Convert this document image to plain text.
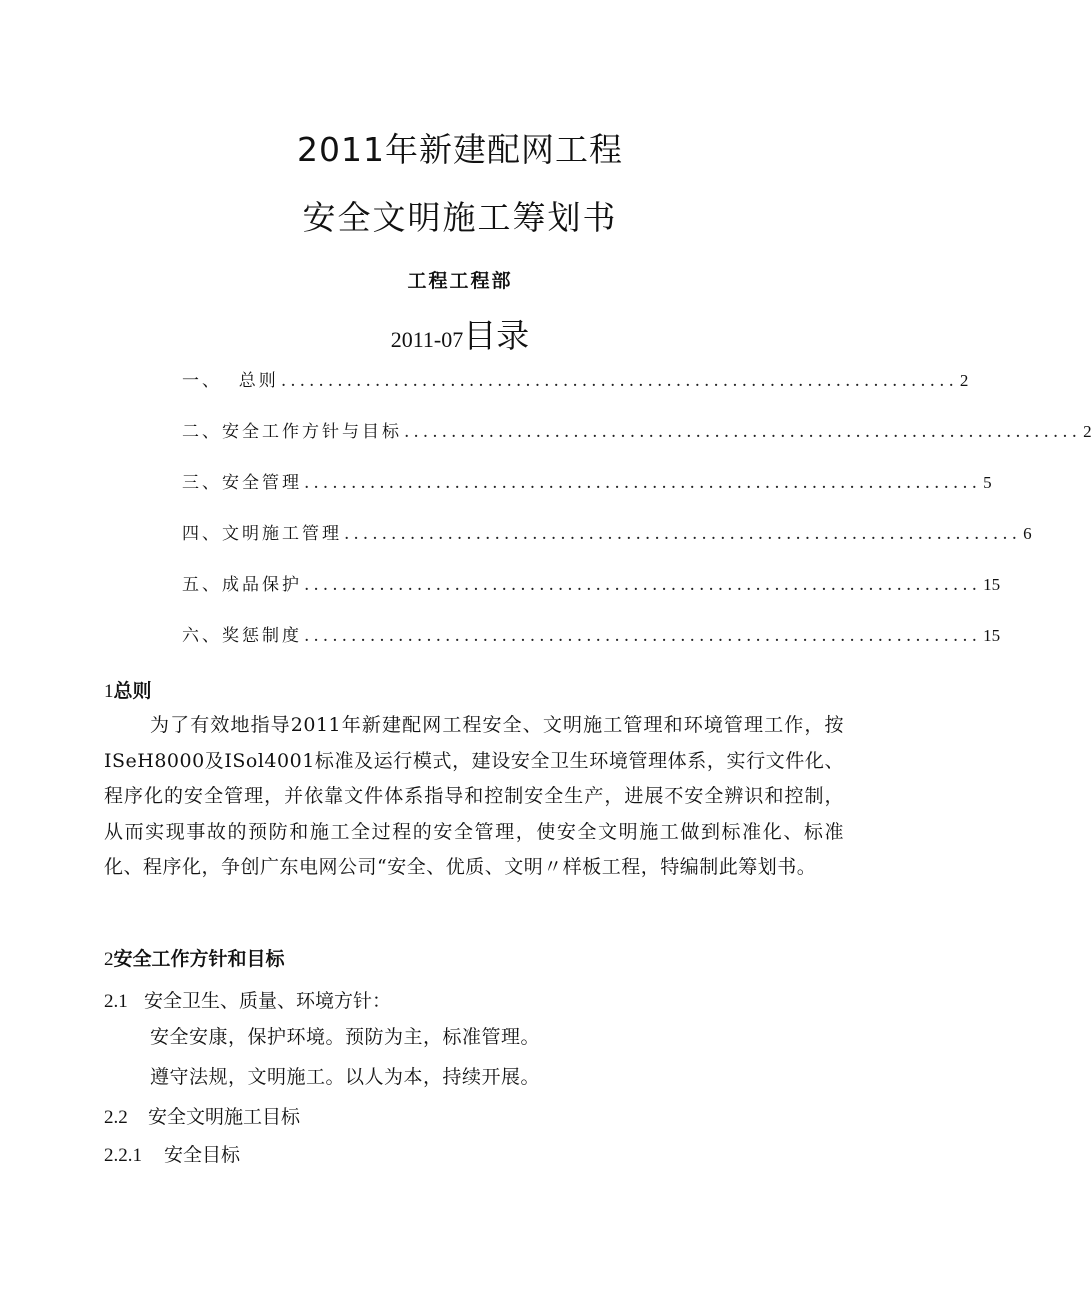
2011年新建配网工程
安全文明施工筹划书
工程工程部
2011-07目录
一、  总则 ........................................................................ 2
二、安全工作方针与目标 ........................................................................ 2
三、安全管理 ........................................................................ 5
四、文明施工管理 ........................................................................ 6
五、成品保护 ........................................................................ 15
六、奖惩制度 ........................................................................ 15
1总则
为了有效地指导2011年新建配网工程安全、文明施工管理和环境管理工作，按ISeH8000及ISol4001标准及运行模式，建设安全卫生环境管理体系，实行文件化、程序化的安全管理，并依靠文件体系指导和控制安全生产，进展不安全辨识和控制，从而实现事故的预防和施工全过程的安全管理，使安全文明施工做到标准化、标准化、程序化，争创广东电网公司“安全、优质、文明〃样板工程，特编制此筹划书。
2安全工作方针和目标
2.1 安全卫生、质量、环境方针：
安全安康，保护环境。预防为主，标准管理。
遵守法规，文明施工。以人为本，持续开展。
2.2 安全文明施工目标
2.2.1 安全目标
